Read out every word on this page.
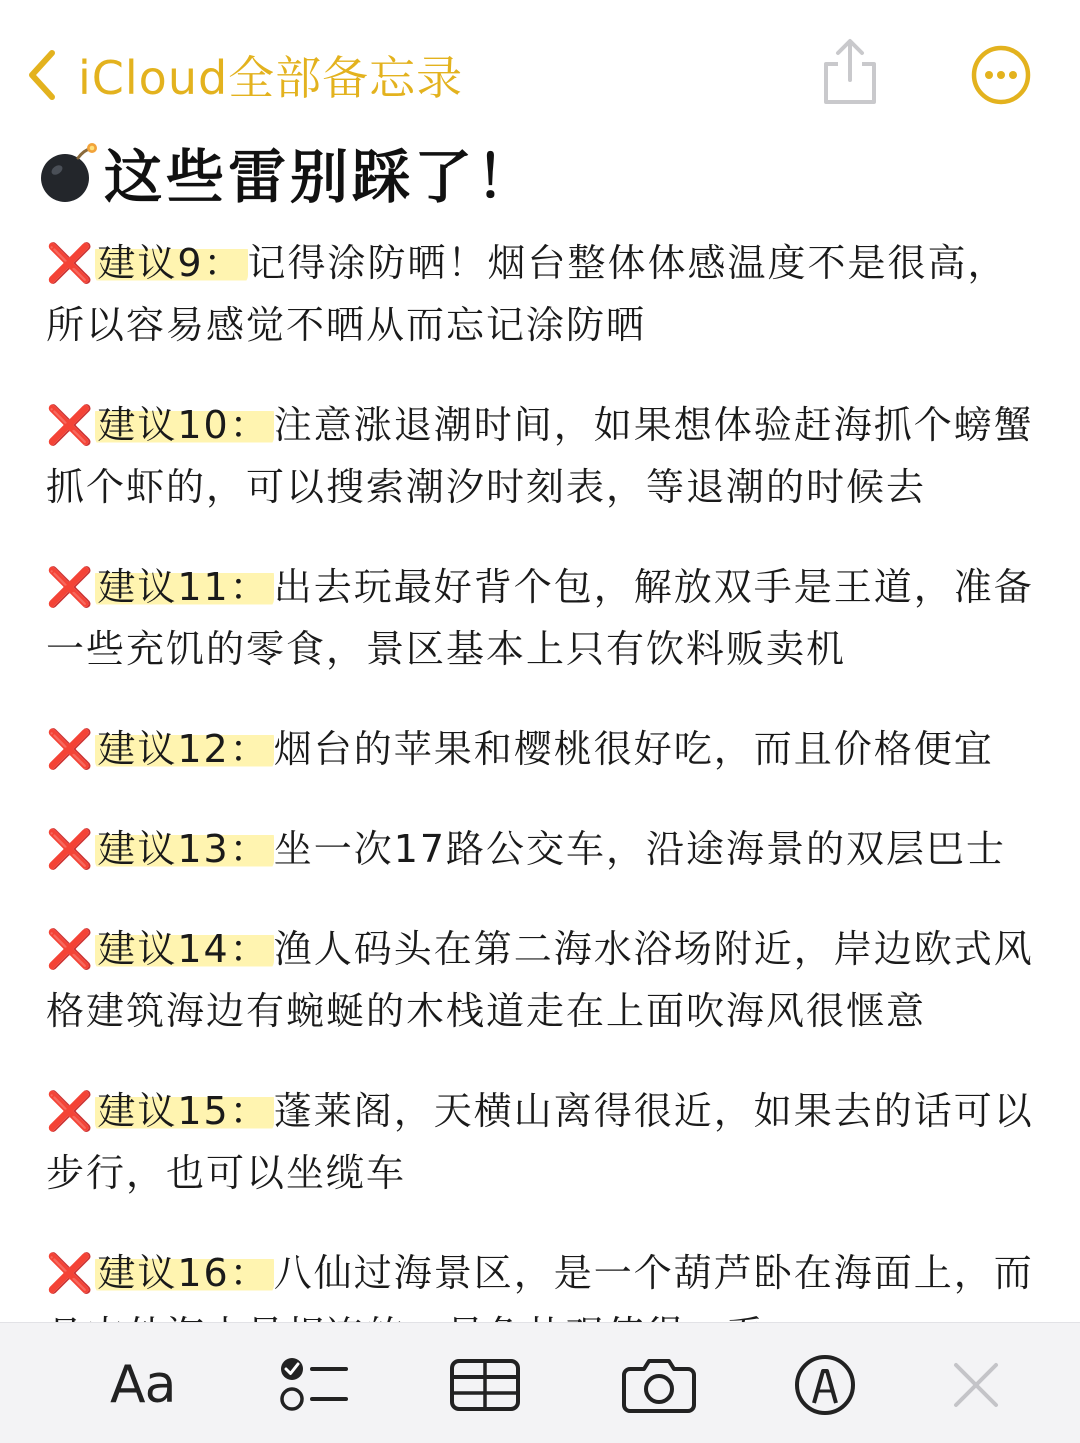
iCloud全部备忘录
这些雷别踩了！

❌建议9： 记得涂防晒！烟台整体体感温度不是很高，所以容易感觉不晒从而忘记涂防晒

❌建议10： 注意涨退潮时间，如果想体验赶海抓个螃蟹抓个虾的，可以搜索潮汐时刻表，等退潮的时候去

❌建议11： 出去玩最好背个包，解放双手是王道，准备一些充饥的零食，景区基本上只有饮料贩卖机

❌建议12： 烟台的苹果和樱桃很好吃，而且价格便宜

❌建议13： 坐一次17路公交车，沿途海景的双层巴士

❌建议14： 渔人码头在第二海水浴场附近，岸边欧式风格建筑海边有蜿蜒的木栈道走在上面吹海风很惬意

❌建议15： 蓬莱阁，天横山离得很近，如果去的话可以步行，也可以坐缆车

❌建议16： 八仙过海景区，是一个葫芦卧在海面上，而

Aa
